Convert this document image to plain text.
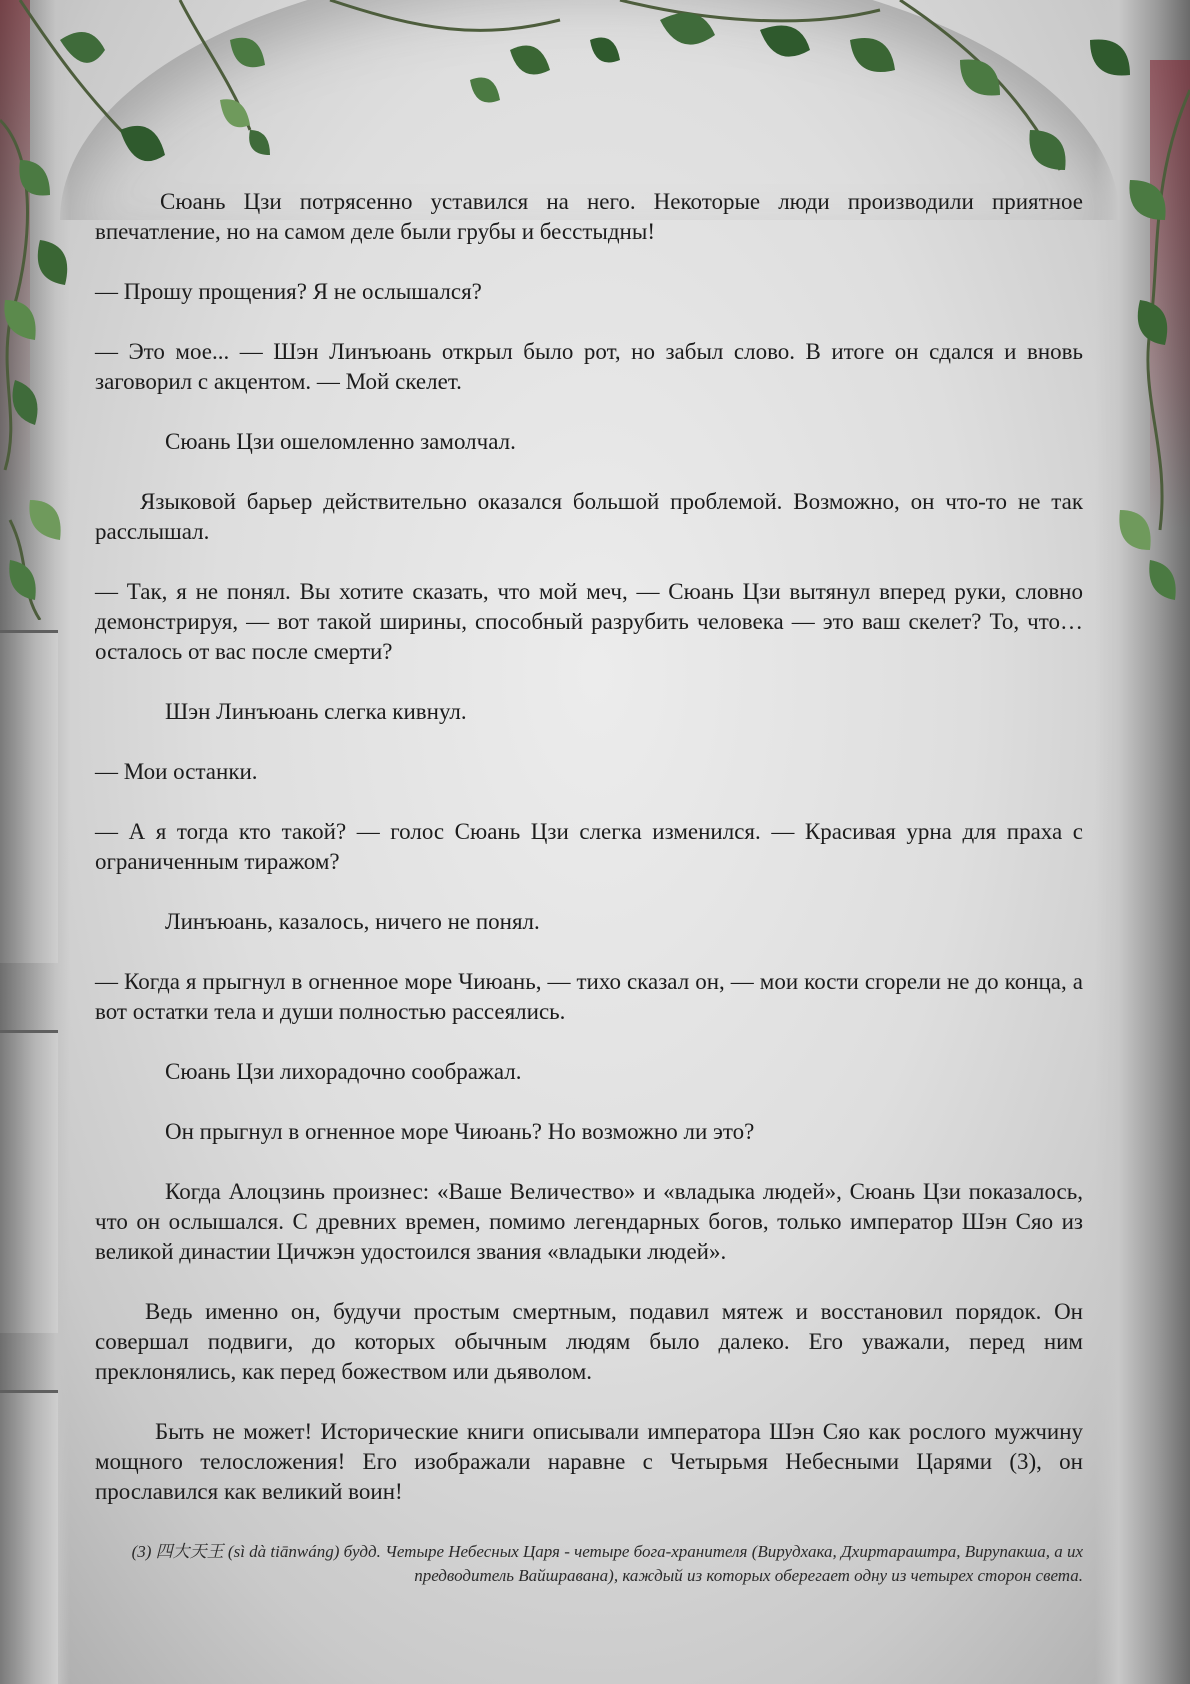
Сюань Цзи потрясенно уставился на него. Некоторые люди производили приятное впечатление, но на самом деле были грубы и бесстыдны!

— Прошу прощения? Я не ослышался?

— Это мое... — Шэн Линъюань открыл было рот, но забыл слово. В итоге он сдался и вновь заговорил с акцентом. — Мой скелет.

Сюань Цзи ошеломленно замолчал.

Языковой барьер действительно оказался большой проблемой. Возможно, он что-то не так расслышал.

— Так, я не понял. Вы хотите сказать, что мой меч, — Сюань Цзи вытянул вперед руки, словно демонстрируя, — вот такой ширины, способный разрубить человека — это ваш скелет? То, что… осталось от вас после смерти?

Шэн Линъюань слегка кивнул.

— Мои останки.

— А я тогда кто такой? — голос Сюань Цзи слегка изменился. — Красивая урна для праха с ограниченным тиражом?

Линъюань, казалось, ничего не понял.

— Когда я прыгнул в огненное море Чиюань, — тихо сказал он, — мои кости сгорели не до конца, а вот остатки тела и души полностью рассеялись.

Сюань Цзи лихорадочно соображал.

Он прыгнул в огненное море Чиюань? Но возможно ли это?

Когда Алоцзинь произнес: «Ваше Величество» и «владыка людей», Сюань Цзи показалось, что он ослышался. С древних времен, помимо легендарных богов, только император Шэн Сяо из великой династии Цичжэн удостоился звания «владыки людей».

Ведь именно он, будучи простым смертным, подавил мятеж и восстановил порядок. Он совершал подвиги, до которых обычным людям было далеко. Его уважали, перед ним преклонялись, как перед божеством или дьяволом.

Быть не может! Исторические книги описывали императора Шэн Сяо как рослого мужчину мощного телосложения! Его изображали наравне с Четырьмя Небесными Царями (3), он прославился как великий воин!

(3) 四大天王 (sì dà tiānwáng) будд. Четыре Небесных Царя - четыре бога-хранителя (Вирудхака, Дхиртараштра, Вирупакша, а их предводитель Вайшравана), каждый из которых оберегает одну из четырех сторон света.
